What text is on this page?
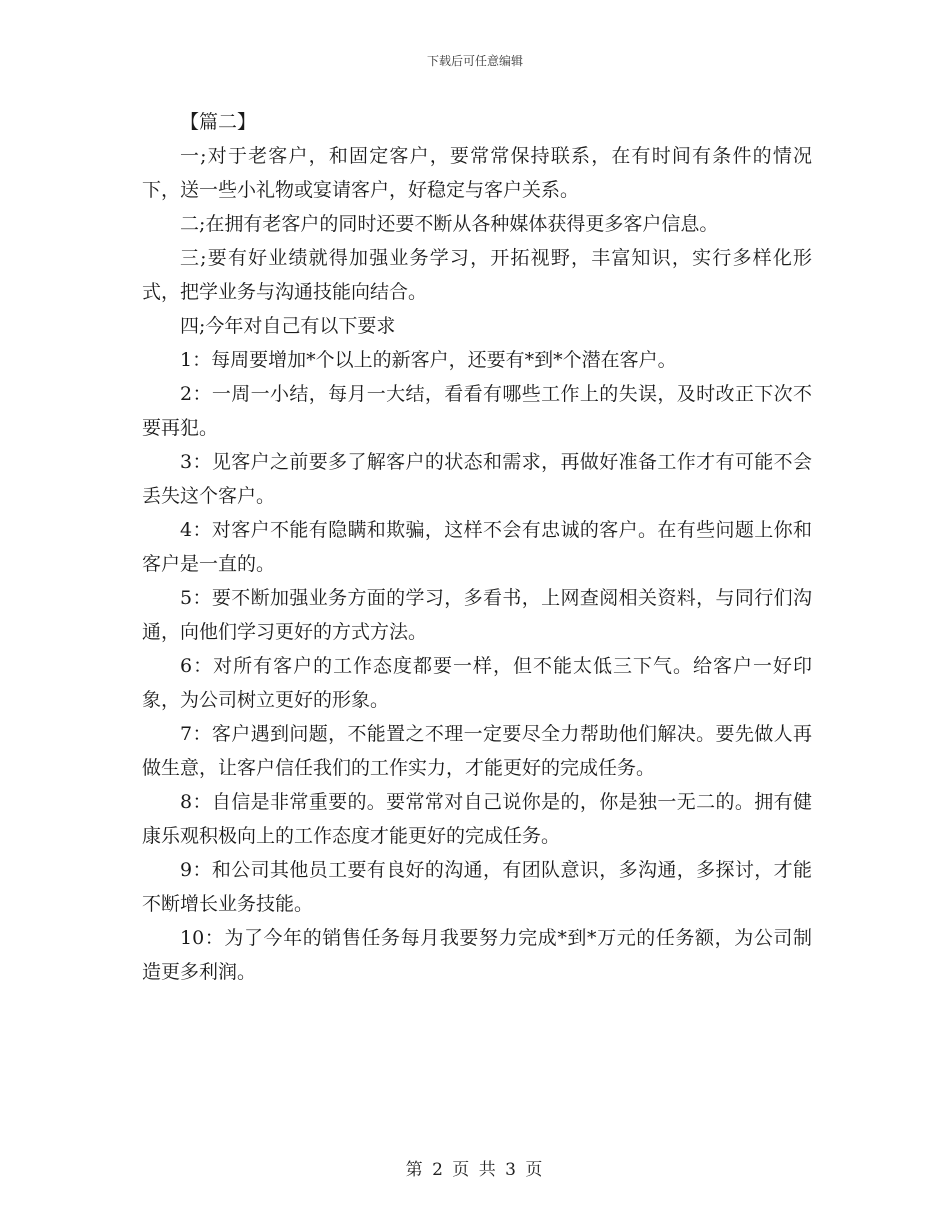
下载后可任意编辑

【篇二】

一;对于老客户，和固定客户，要常常保持联系，在有时间有条件的情况下，送一些小礼物或宴请客户，好稳定与客户关系。

二;在拥有老客户的同时还要不断从各种媒体获得更多客户信息。

三;要有好业绩就得加强业务学习，开拓视野，丰富知识，实行多样化形式，把学业务与沟通技能向结合。

四;今年对自己有以下要求

1：每周要增加*个以上的新客户，还要有*到*个潜在客户。

2：一周一小结，每月一大结，看看有哪些工作上的失误，及时改正下次不要再犯。

3：见客户之前要多了解客户的状态和需求，再做好准备工作才有可能不会丢失这个客户。

4：对客户不能有隐瞒和欺骗，这样不会有忠诚的客户。在有些问题上你和客户是一直的。

5：要不断加强业务方面的学习，多看书，上网查阅相关资料，与同行们沟通，向他们学习更好的方式方法。

6：对所有客户的工作态度都要一样，但不能太低三下气。给客户一好印象，为公司树立更好的形象。

7：客户遇到问题，不能置之不理一定要尽全力帮助他们解决。要先做人再做生意，让客户信任我们的工作实力，才能更好的完成任务。

8：自信是非常重要的。要常常对自己说你是的，你是独一无二的。拥有健康乐观积极向上的工作态度才能更好的完成任务。

9：和公司其他员工要有良好的沟通，有团队意识，多沟通，多探讨，才能不断增长业务技能。

10：为了今年的销售任务每月我要努力完成*到*万元的任务额，为公司制造更多利润。

第 2 页 共 3 页
